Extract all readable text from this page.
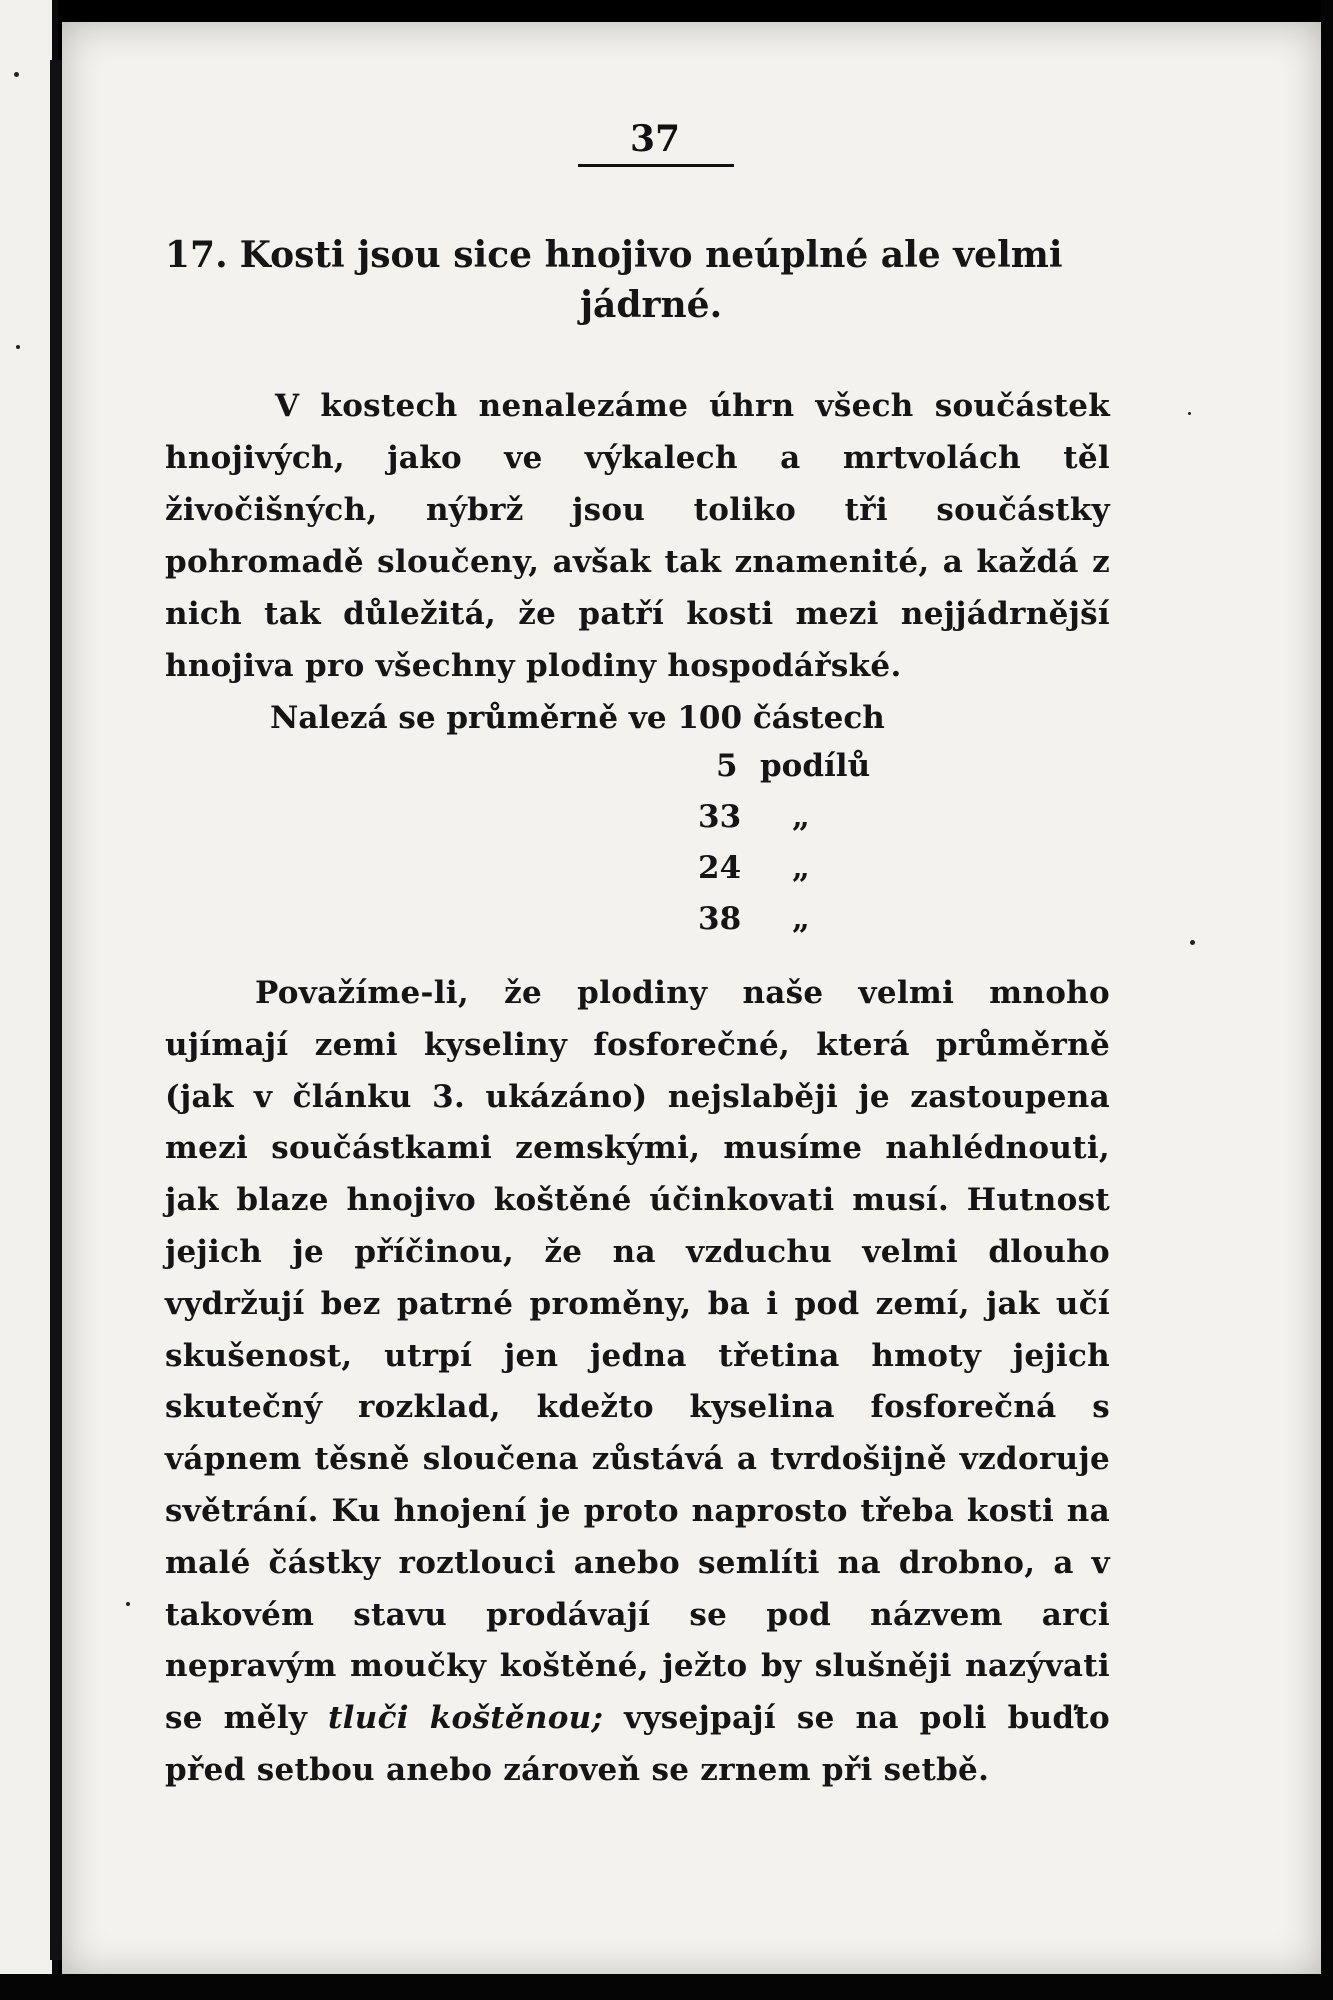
37
17. Kosti jsou sice hnojivo neúplné ale velmi
jádrné.
V kostech nenalezáme úhrn všech součástek hnojivých, jako ve výkalech a mrtvolách těl živočišných, nýbrž jsou toliko tři součástky pohromadě sloučeny, avšak tak znamenité, a každá z nich tak důležitá, že patří kosti mezi nejjádrnější hnojiva pro všechny plodiny hospodářské.
Nalezá se průměrně ve 100 částech
5 podílů
33 „
24 „
38 „
Považíme-li, že plodiny naše velmi mnoho ujímají zemi kyseliny fosforečné, která průměrně (jak v článku 3. ukázáno) nejslaběji je zastoupena mezi součástkami zemskými, musíme nahlédnouti, jak blaze hnojivo koštěné účinkovati musí. Hutnost jejich je příčinou, že na vzduchu velmi dlouho vydržují bez patrné proměny, ba i pod zemí, jak učí skušenost, utrpí jen jedna třetina hmoty jejich skutečný rozklad, kdežto kyselina fosforečná s vápnem těsně sloučena zůstává a tvrdošijně vzdoruje světrání. Ku hnojení je proto naprosto třeba kosti na malé částky roztlouci anebo semlíti na drobno, a v takovém stavu prodávají se pod názvem arci nepravým moučky koštěné, ježto by slušněji nazývati se měly tluči koštěnou; vysejpají se na poli buďto před setbou anebo zároveň se zrnem při setbě.
